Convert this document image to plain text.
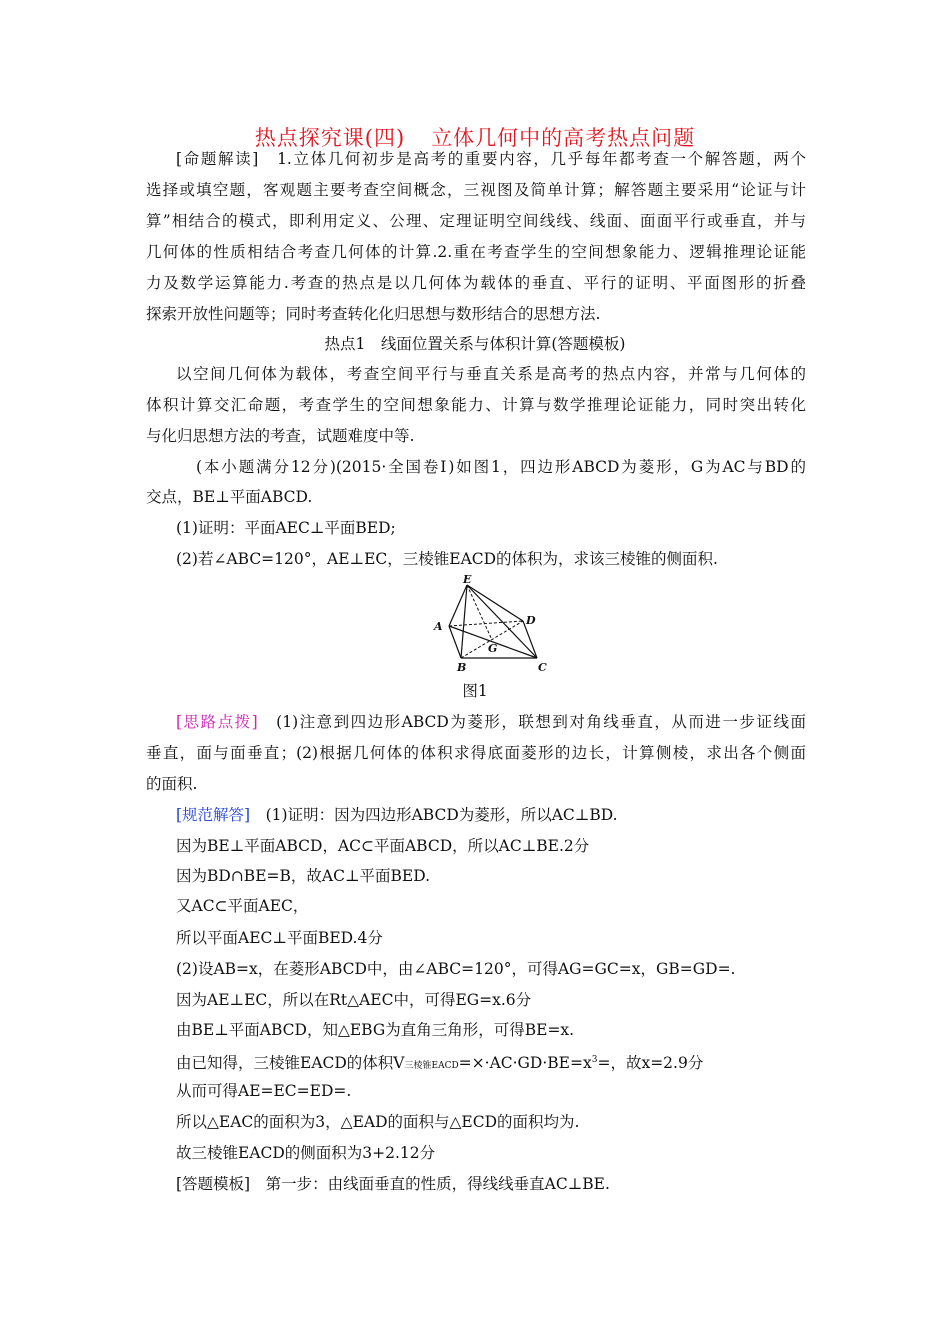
热点探究课(四) 立体几何中的高考热点问题
[命题解读]　 1.立体几何初步是高考的重要内容，几乎每年都考查一个解答题，两个
选择或填空题，客观题主要考查空间概念，三视图及简单计算；解答题主要采用“论证与计
算”相结合的模式，即利用定义、公理、定理证明空间线线、线面、面面平行或垂直，并与
几何体的性质相结合考查几何体的计算.2.重在考查学生的空间想象能力、逻辑推理论证能
力及数学运算能力.考查的热点是以几何体为载体的垂直、平行的证明、平面图形的折叠
探索开放性问题等；同时考查转化化归思想与数形结合的思想方法.
热点1　线面位置关系与体积计算(答题模板)
以空间几何体为载体，考查空间平行与垂直关系是高考的热点内容，并常与几何体的
体积计算交汇命题，考查学生的空间想象能力、计算与数学推理论证能力，同时突出转化
与化归思想方法的考查，试题难度中等.
(本小题满分12分)(2015·全国卷Ⅰ)如图1，四边形ABCD为菱形，G为AC与BD的
交点，BE⊥平面ABCD.
(1)证明：平面AEC⊥平面BED;
(2)若∠ABC=120°，AE⊥EC，三棱锥EACD的体积为，求该三棱锥的侧面积.
E
A	D
G
B	C
图1
[思路点拨]　 (1)注意到四边形ABCD为菱形，联想到对角线垂直，从而进一步证线面
垂直，面与面垂直；(2)根据几何体的体积求得底面菱形的边长，计算侧棱，求出各个侧面
的面积.
[规范解答]　 (1)证明：因为四边形ABCD为菱形，所以AC⊥BD.
因为BE⊥平面ABCD，AC⊂平面ABCD，所以AC⊥BE.2分
因为BD∩BE=B，故AC⊥平面BED.
又AC⊂平面AEC，
所以平面AEC⊥平面BED.4分
(2)设AB=x，在菱形ABCD中，由∠ABC=120°，可得AG=GC=x，GB=GD=.
因为AE⊥EC，所以在Rt△AEC中，可得EG=x.6分
由BE⊥平面ABCD，知△EBG为直角三角形，可得BE=x.
由已知得，三棱锥EACD的体积V三棱锥$EACD=\times\cdot AC\cdot GD\cdot BE=x^3=$，故x=2.9分
从而可得AE=EC=ED=.
所以△EAC的面积为3，△EAD的面积与△ECD的面积均为.
故三棱锥EACD的侧面积为3+2.12分
[答题模板]　 第一步：由线面垂直的性质，得线线垂直AC⊥BE.
